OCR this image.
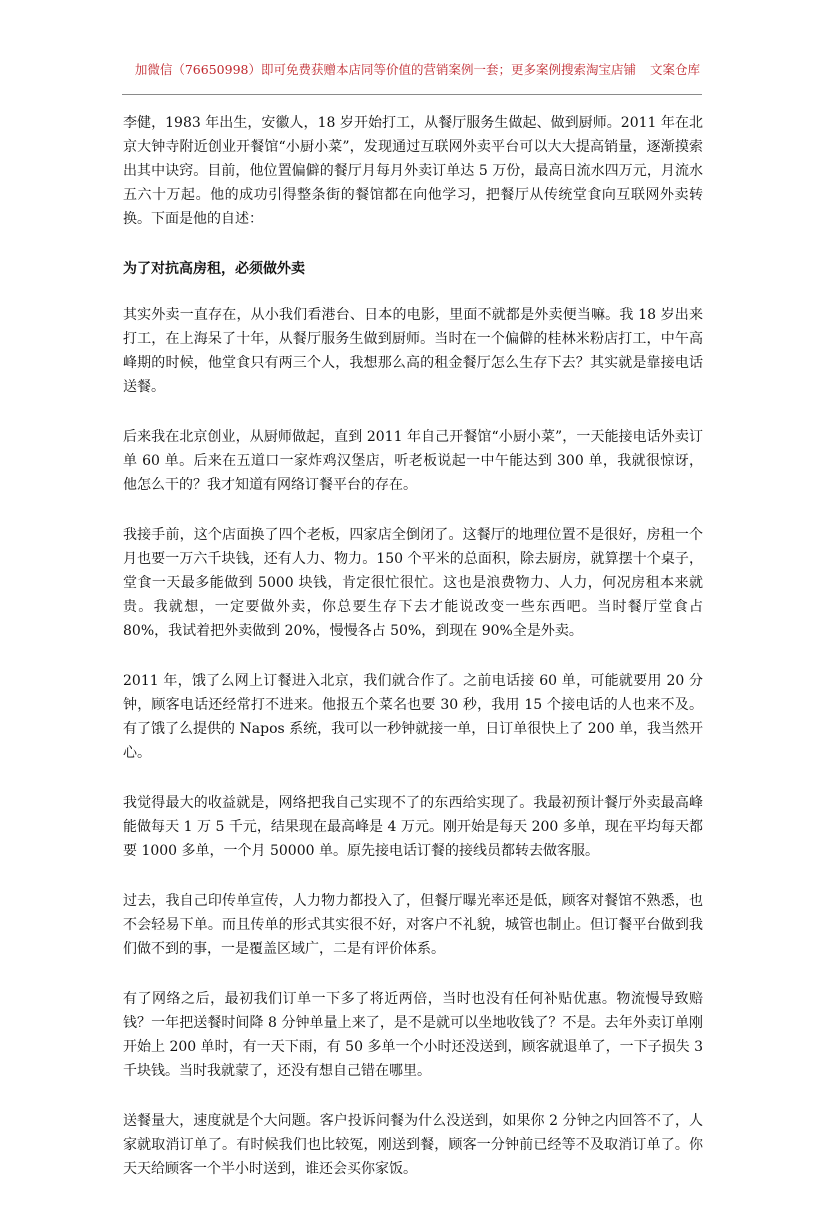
加微信（76650998）即可免费获赠本店同等价值的营销案例一套；更多案例搜索淘宝店铺 文案仓库

李健，1983 年出生，安徽人，18 岁开始打工，从餐厅服务生做起、做到厨师。2011 年在北京大钟寺附近创业开餐馆“小厨小菜”，发现通过互联网外卖平台可以大大提高销量，逐渐摸索出其中诀窍。目前，他位置偏僻的餐厅月每月外卖订单达 5 万份，最高日流水四万元，月流水五六十万起。他的成功引得整条街的餐馆都在向他学习，把餐厅从传统堂食向互联网外卖转换。下面是他的自述：

为了对抗高房租，必须做外卖

其实外卖一直存在，从小我们看港台、日本的电影，里面不就都是外卖便当嘛。我 18 岁出来打工，在上海呆了十年，从餐厅服务生做到厨师。当时在一个偏僻的桂林米粉店打工，中午高峰期的时候，他堂食只有两三个人，我想那么高的租金餐厅怎么生存下去？其实就是靠接电话送餐。

后来我在北京创业，从厨师做起，直到 2011 年自己开餐馆“小厨小菜”，一天能接电话外卖订单 60 单。后来在五道口一家炸鸡汉堡店，听老板说起一中午能达到 300 单，我就很惊讶，他怎么干的？我才知道有网络订餐平台的存在。

我接手前，这个店面换了四个老板，四家店全倒闭了。这餐厅的地理位置不是很好，房租一个月也要一万六千块钱，还有人力、物力。150 个平米的总面积，除去厨房，就算摆十个桌子，堂食一天最多能做到 5000 块钱，肯定很忙很忙。这也是浪费物力、人力，何况房租本来就贵。我就想，一定要做外卖，你总要生存下去才能说改变一些东西吧。当时餐厅堂食占 80%，我试着把外卖做到 20%，慢慢各占 50%，到现在 90%全是外卖。

2011 年，饿了么网上订餐进入北京，我们就合作了。之前电话接 60 单，可能就要用 20 分钟，顾客电话还经常打不进来。他报五个菜名也要 30 秒，我用 15 个接电话的人也来不及。有了饿了么提供的 Napos 系统，我可以一秒钟就接一单，日订单很快上了 200 单，我当然开心。

我觉得最大的收益就是，网络把我自己实现不了的东西给实现了。我最初预计餐厅外卖最高峰能做每天 1 万 5 千元，结果现在最高峰是 4 万元。刚开始是每天 200 多单，现在平均每天都要 1000 多单，一个月 50000 单。原先接电话订餐的接线员都转去做客服。

过去，我自己印传单宣传，人力物力都投入了，但餐厅曝光率还是低，顾客对餐馆不熟悉，也不会轻易下单。而且传单的形式其实很不好，对客户不礼貌，城管也制止。但订餐平台做到我们做不到的事，一是覆盖区域广，二是有评价体系。

有了网络之后，最初我们订单一下多了将近两倍，当时也没有任何补贴优惠。物流慢导致赔钱？一年把送餐时间降 8 分钟单量上来了，是不是就可以坐地收钱了？不是。去年外卖订单刚开始上 200 单时，有一天下雨，有 50 多单一个小时还没送到，顾客就退单了，一下子损失 3 千块钱。当时我就蒙了，还没有想自己错在哪里。

送餐量大，速度就是个大问题。客户投诉问餐为什么没送到，如果你 2 分钟之内回答不了，人家就取消订单了。有时候我们也比较冤，刚送到餐，顾客一分钟前已经等不及取消订单了。你天天给顾客一个半小时送到，谁还会买你家饭。
